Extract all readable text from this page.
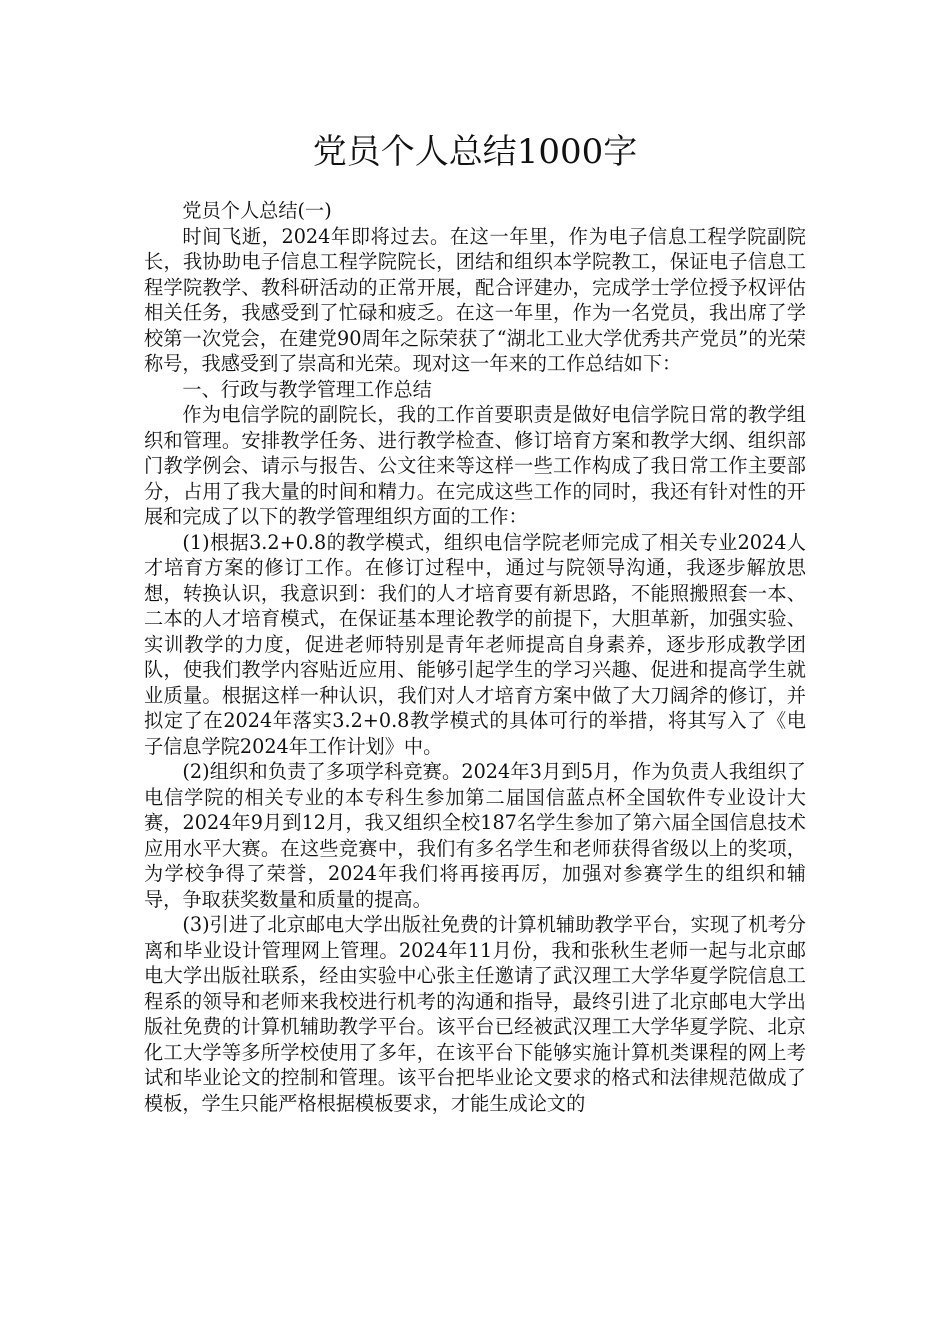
党员个人总结1000字

党员个人总结(一)

时间飞逝，2024年即将过去。在这一年里，作为电子信息工程学院副院长，我协助电子信息工程学院院长，团结和组织本学院教工，保证电子信息工程学院教学、教科研活动的正常开展，配合评建办，完成学士学位授予权评估相关任务，我感受到了忙碌和疲乏。在这一年里，作为一名党员，我出席了学校第一次党会，在建党90周年之际荣获了“湖北工业大学优秀共产党员”的光荣称号，我感受到了崇高和光荣。现对这一年来的工作总结如下：

一、行政与教学管理工作总结

作为电信学院的副院长，我的工作首要职责是做好电信学院日常的教学组织和管理。安排教学任务、进行教学检查、修订培育方案和教学大纲、组织部门教学例会、请示与报告、公文往来等这样一些工作构成了我日常工作主要部分，占用了我大量的时间和精力。在完成这些工作的同时，我还有针对性的开展和完成了以下的教学管理组织方面的工作：

(1)根据3.2+0.8的教学模式，组织电信学院老师完成了相关专业2024人才培育方案的修订工作。在修订过程中，通过与院领导沟通，我逐步解放思想，转换认识，我意识到：我们的人才培育要有新思路，不能照搬照套一本、二本的人才培育模式，在保证基本理论教学的前提下，大胆革新，加强实验、实训教学的力度，促进老师特别是青年老师提高自身素养，逐步形成教学团队，使我们教学内容贴近应用、能够引起学生的学习兴趣、促进和提高学生就业质量。根据这样一种认识，我们对人才培育方案中做了大刀阔斧的修订，并拟定了在2024年落实3.2+0.8教学模式的具体可行的举措，将其写入了《电子信息学院2024年工作计划》中。

(2)组织和负责了多项学科竞赛。2024年3月到5月，作为负责人我组织了电信学院的相关专业的本专科生参加第二届国信蓝点杯全国软件专业设计大赛，2024年9月到12月，我又组织全校187名学生参加了第六届全国信息技术应用水平大赛。在这些竞赛中，我们有多名学生和老师获得省级以上的奖项，为学校争得了荣誉，2024年我们将再接再厉，加强对参赛学生的组织和辅导，争取获奖数量和质量的提高。

(3)引进了北京邮电大学出版社免费的计算机辅助教学平台，实现了机考分离和毕业设计管理网上管理。2024年11月份，我和张秋生老师一起与北京邮电大学出版社联系，经由实验中心张主任邀请了武汉理工大学华夏学院信息工程系的领导和老师来我校进行机考的沟通和指导，最终引进了北京邮电大学出版社免费的计算机辅助教学平台。该平台已经被武汉理工大学华夏学院、北京化工大学等多所学校使用了多年，在该平台下能够实施计算机类课程的网上考试和毕业论文的控制和管理。该平台把毕业论文要求的格式和法律规范做成了模板，学生只能严格根据模板要求，才能生成论文的
